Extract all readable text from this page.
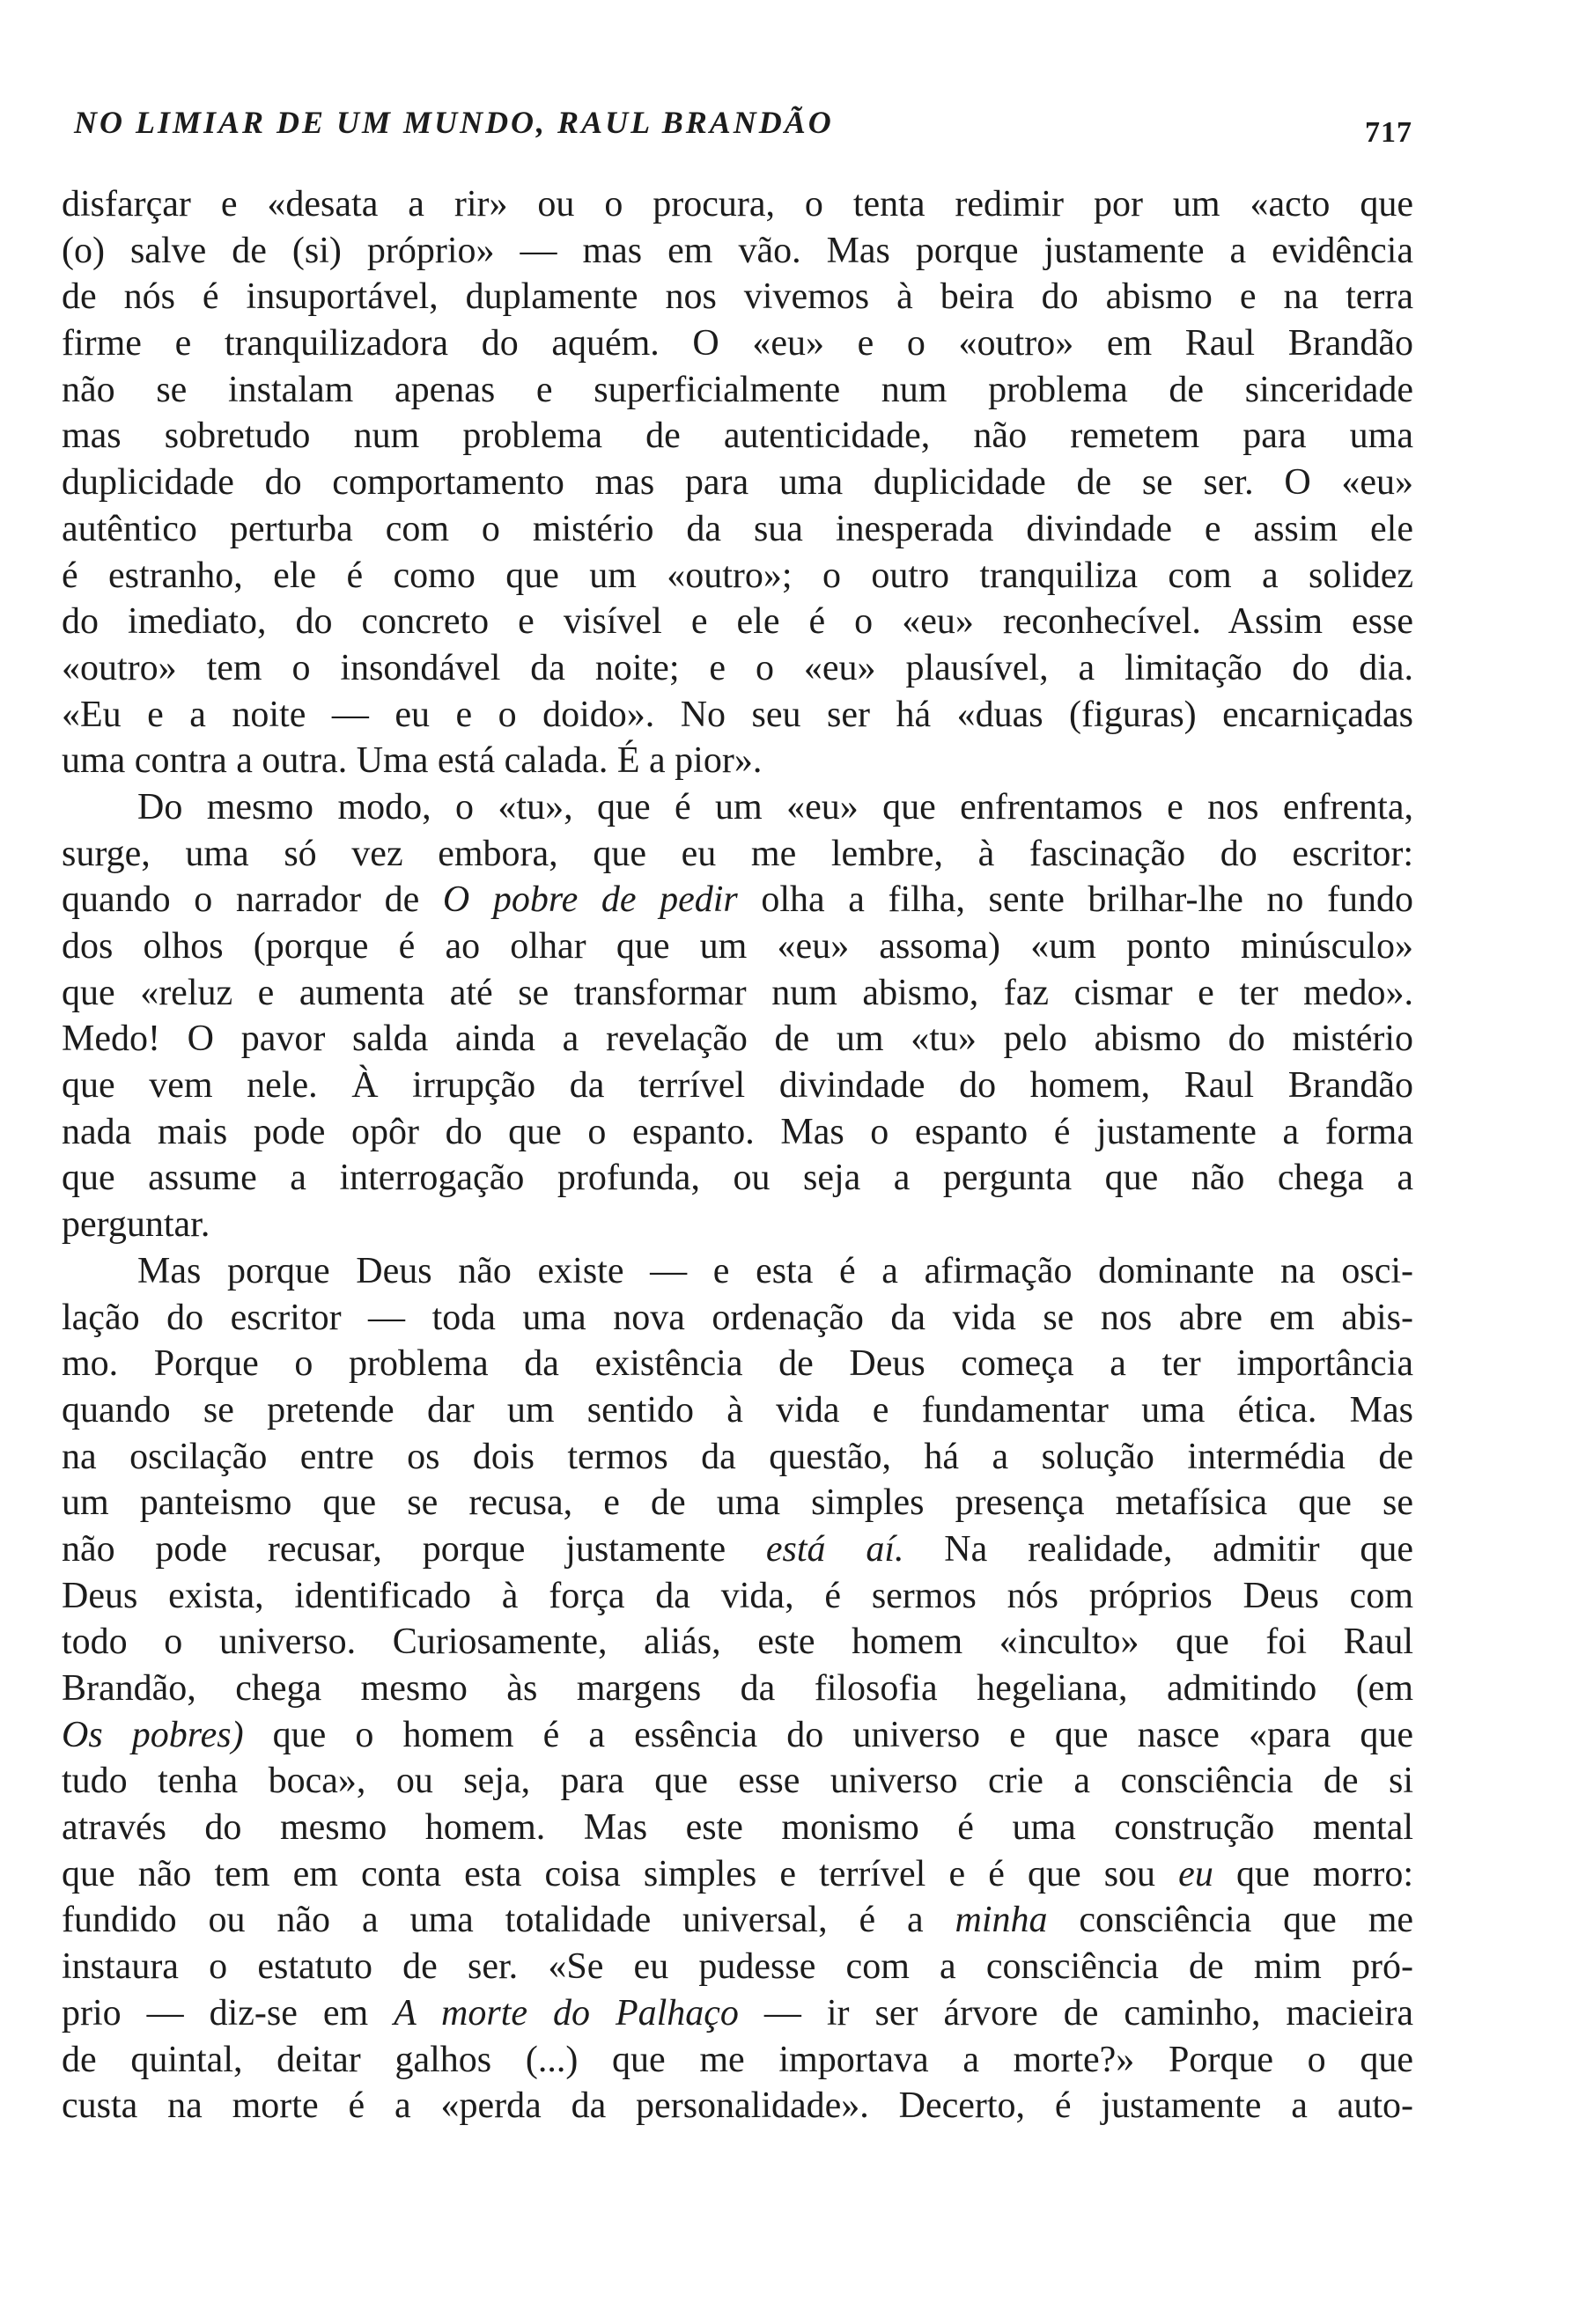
NO LIMIAR DE UM MUNDO, RAUL BRANDÃO	717
disfarçar e «desata a rir» ou o procura, o tenta redimir por um «acto que
(o) salve de (si) próprio» — mas em vão. Mas porque justamente a evidência
de nós é insuportável, duplamente nos vivemos à beira do abismo e na terra
firme e tranquilizadora do aquém. O «eu» e o «outro» em Raul Brandão
não se instalam apenas e superficialmente num problema de sinceridade
mas sobretudo num problema de autenticidade, não remetem para uma
duplicidade do comportamento mas para uma duplicidade de se ser. O «eu»
autêntico perturba com o mistério da sua inesperada divindade e assim ele
é estranho, ele é como que um «outro»; o outro tranquiliza com a solidez
do imediato, do concreto e visível e ele é o «eu» reconhecível. Assim esse
«outro» tem o insondável da noite; e o «eu» plausível, a limitação do dia.
«Eu e a noite — eu e o doido». No seu ser há «duas (figuras) encarniçadas
uma contra a outra. Uma está calada. É a pior».
Do mesmo modo, o «tu», que é um «eu» que enfrentamos e nos enfrenta,
surge, uma só vez embora, que eu me lembre, à fascinação do escritor:
quando o narrador de O pobre de pedir olha a filha, sente brilhar-lhe no fundo
dos olhos (porque é ao olhar que um «eu» assoma) «um ponto minúsculo»
que «reluz e aumenta até se transformar num abismo, faz cismar e ter medo».
Medo! O pavor salda ainda a revelação de um «tu» pelo abismo do mistério
que vem nele. À irrupção da terrível divindade do homem, Raul Brandão
nada mais pode opôr do que o espanto. Mas o espanto é justamente a forma
que assume a interrogação profunda, ou seja a pergunta que não chega a
perguntar.
Mas porque Deus não existe — e esta é a afirmação dominante na osci-
lação do escritor — toda uma nova ordenação da vida se nos abre em abis-
mo. Porque o problema da existência de Deus começa a ter importância
quando se pretende dar um sentido à vida e fundamentar uma ética. Mas
na oscilação entre os dois termos da questão, há a solução intermédia de
um panteismo que se recusa, e de uma simples presença metafísica que se
não pode recusar, porque justamente está aí. Na realidade, admitir que
Deus exista, identificado à força da vida, é sermos nós próprios Deus com
todo o universo. Curiosamente, aliás, este homem «inculto» que foi Raul
Brandão, chega mesmo às margens da filosofia hegeliana, admitindo (em
Os pobres) que o homem é a essência do universo e que nasce «para que
tudo tenha boca», ou seja, para que esse universo crie a consciência de si
através do mesmo homem. Mas este monismo é uma construção mental
que não tem em conta esta coisa simples e terrível e é que sou eu que morro:
fundido ou não a uma totalidade universal, é a minha consciência que me
instaura o estatuto de ser. «Se eu pudesse com a consciência de mim pró-
prio — diz-se em A morte do Palhaço — ir ser árvore de caminho, macieira
de quintal, deitar galhos (...) que me importava a morte?» Porque o que
custa na morte é a «perda da personalidade». Decerto, é justamente a auto-
